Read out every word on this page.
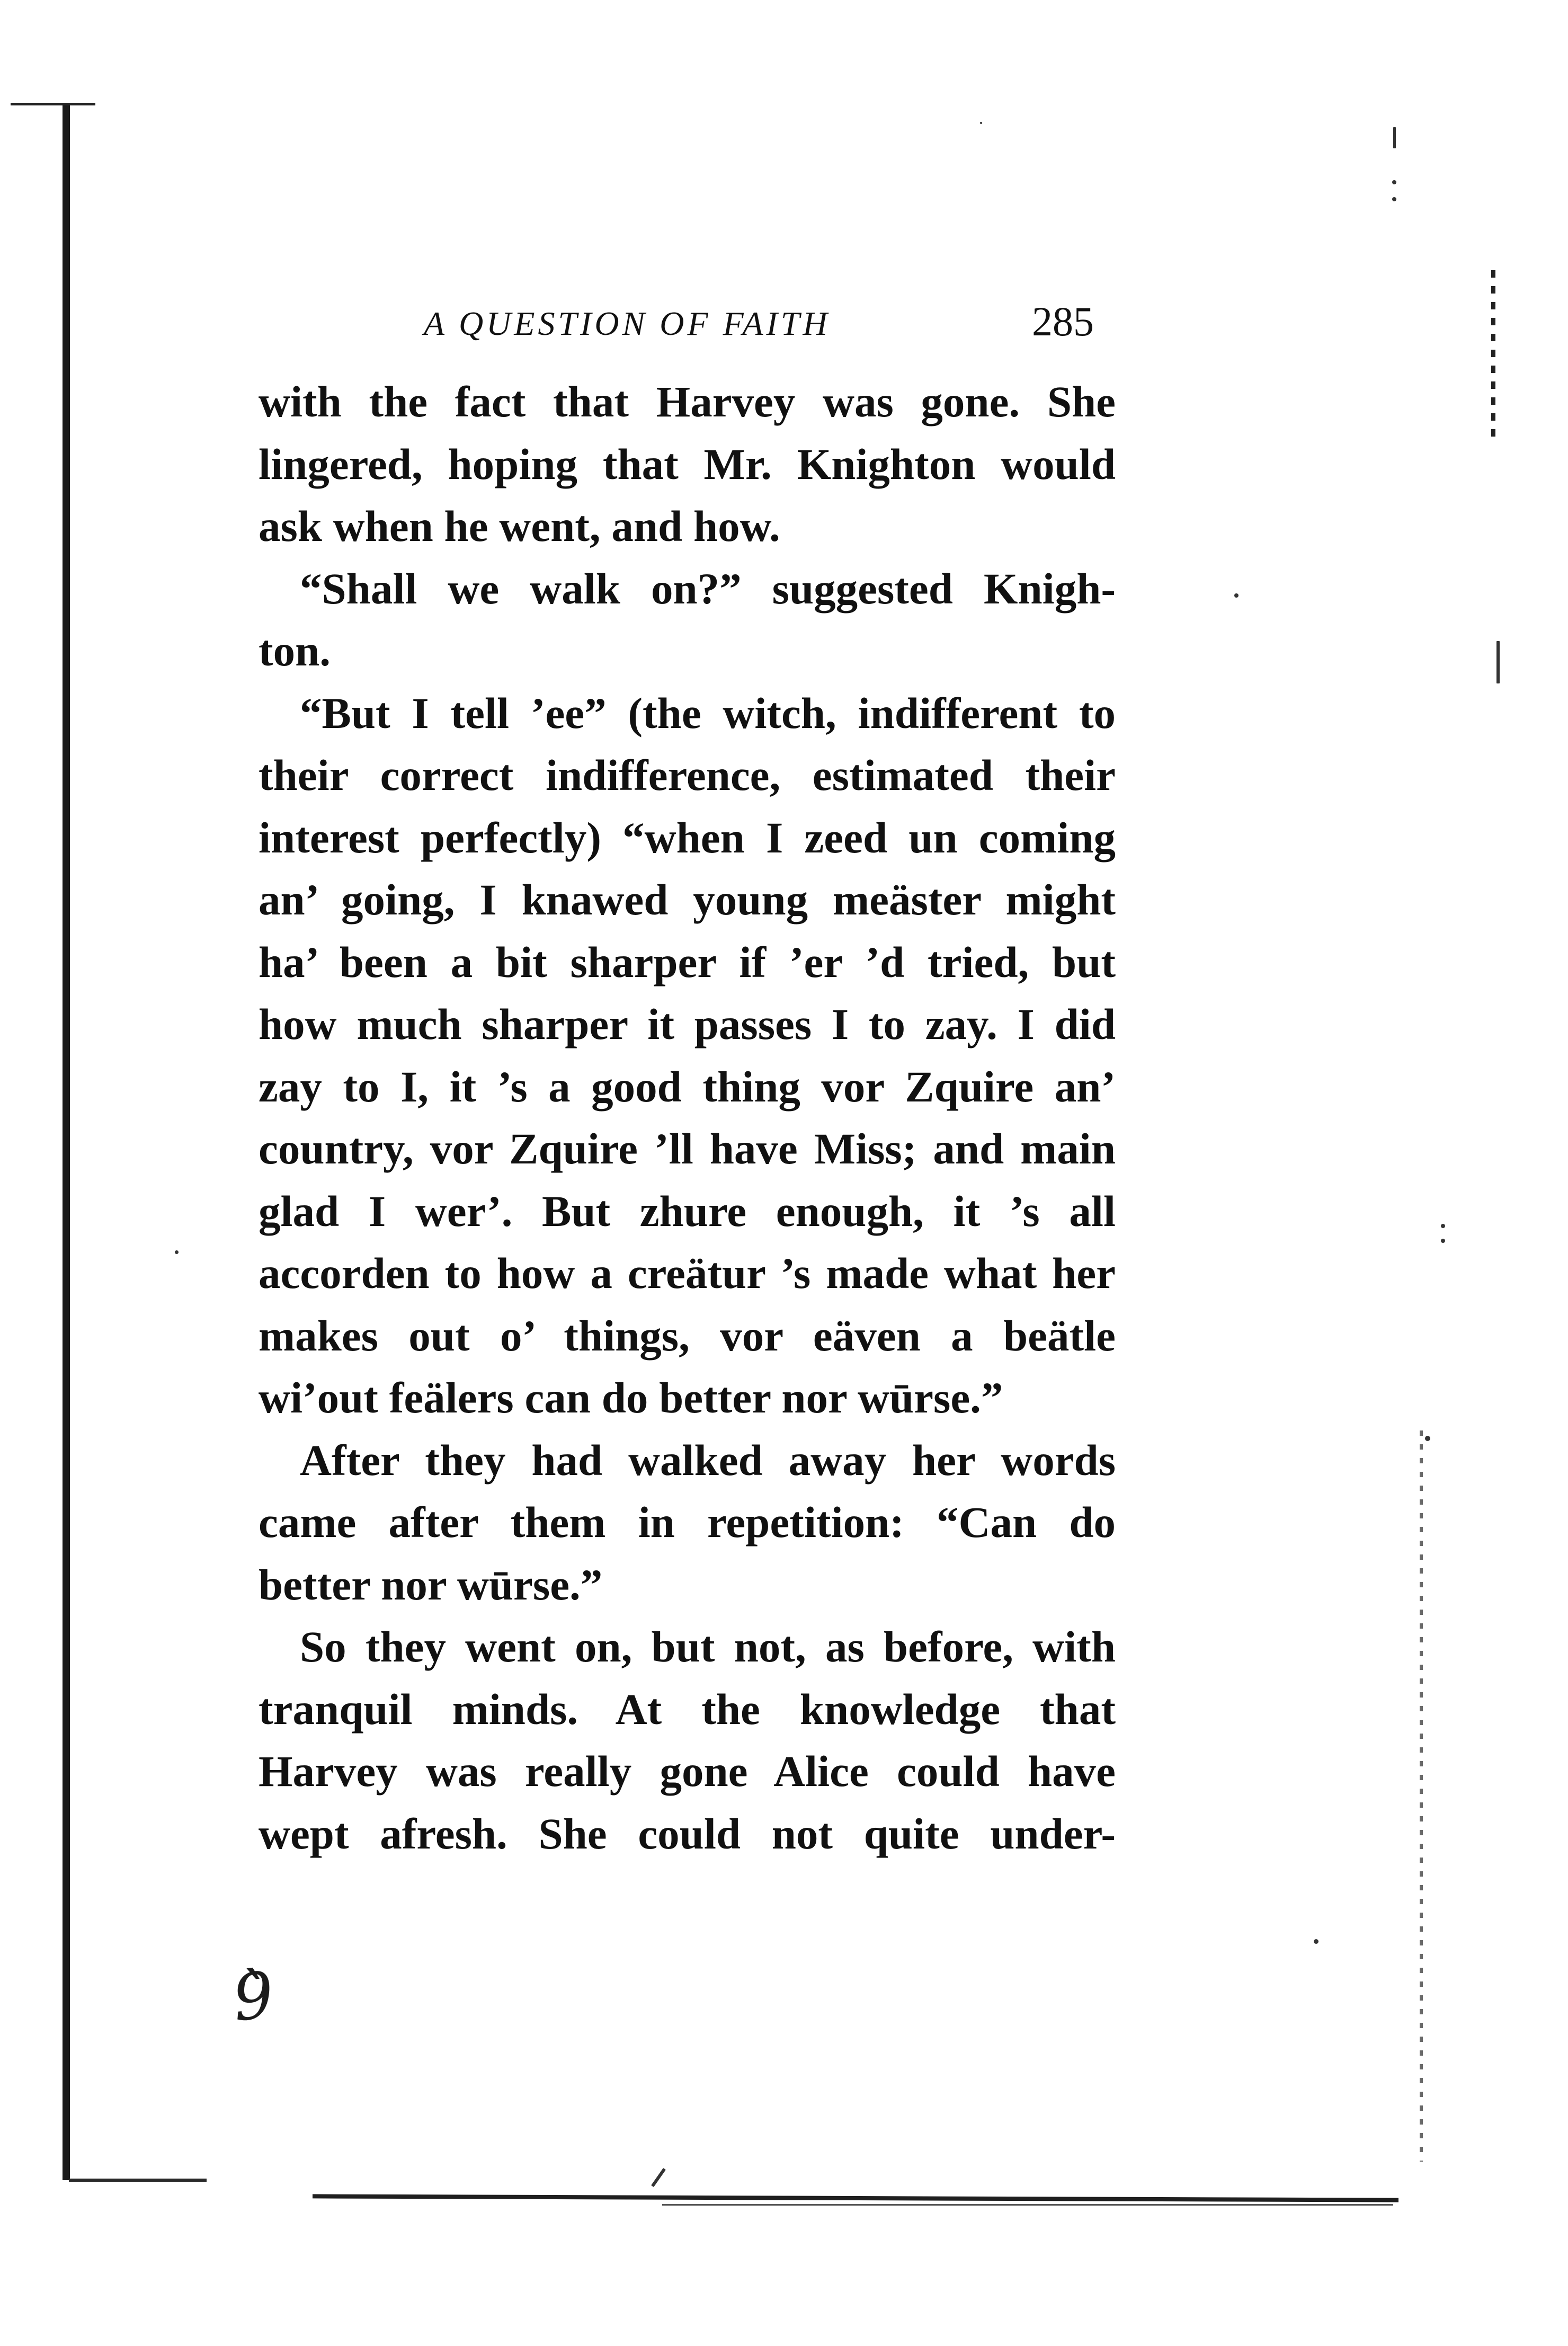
A QUESTION OF FAITH	285
with the fact that Harvey was gone. She
lingered, hoping that Mr. Knighton would
ask when he went, and how.
“Shall we walk on?” suggested Knigh-
ton.
“But I tell ’ee” (the witch, indifferent to
their correct indifference, estimated their
interest perfectly) “when I zeed un coming
an’ going, I knawed young meäster might
ha’ been a bit sharper if ’er ’d tried, but
how much sharper it passes I to zay. I did
zay to I, it ’s a good thing vor Zquire an’
country, vor Zquire ’ll have Miss; and main
glad I wer’. But zhure enough, it ’s all
accorden to how a creätur ’s made what her
makes out o’ things, vor eäven a beätle
wi’out feälers can do better nor wūrse.”
After they had walked away her words
came after them in repetition: “Can do
better nor wūrse.”
So they went on, but not, as before, with
tranquil minds. At the knowledge that
Harvey was really gone Alice could have
wept afresh. She could not quite under-
9̀
